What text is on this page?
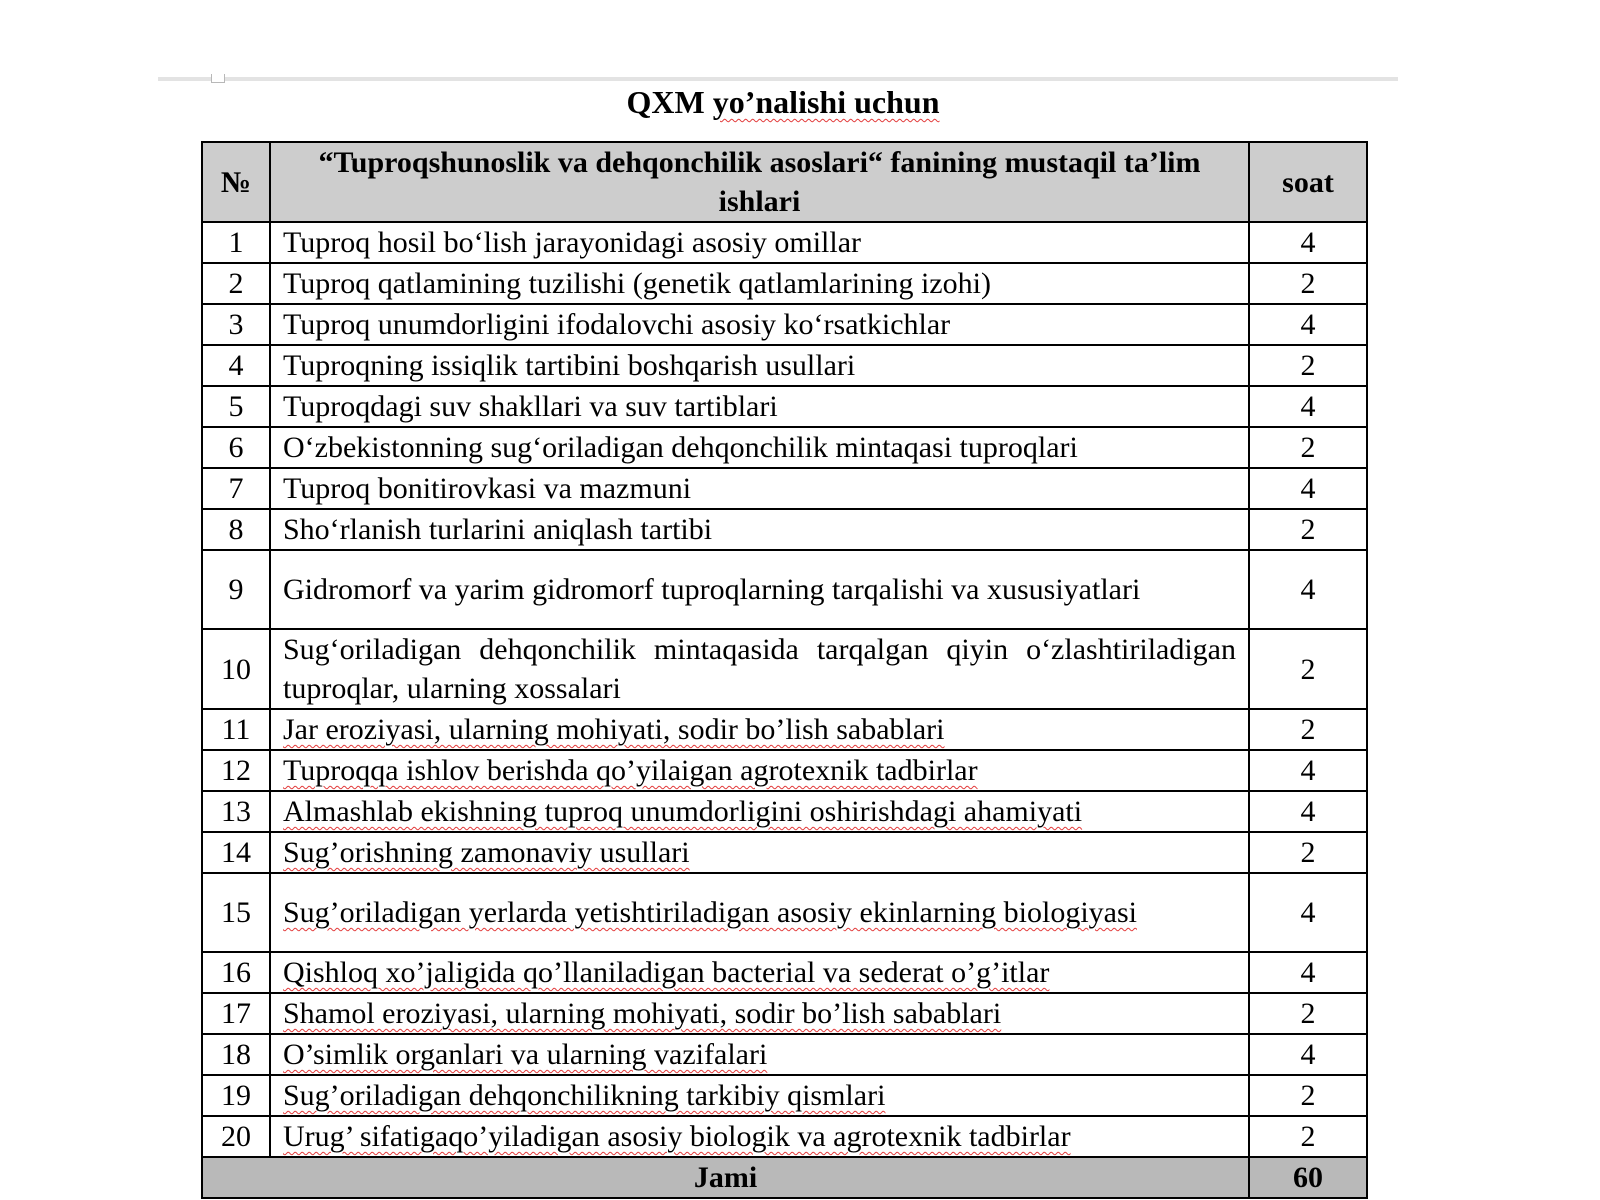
QXM yo’nalishi uchun
№	“Tuproqshunoslik va dehqonchilik asoslari“ fanining mustaqil ta’lim ishlari	soat
1	Tuproq hosil bo‘lish jarayonidagi asosiy omillar	4
2	Tuproq qatlamining tuzilishi (genetik qatlamlarining izohi)	2
3	Tuproq unumdorligini ifodalovchi asosiy ko‘rsatkichlar	4
4	Tuproqning issiqlik tartibini boshqarish usullari	2
5	Tuproqdagi suv shakllari va suv tartiblari	4
6	O‘zbekistonning sug‘oriladigan dehqonchilik mintaqasi tuproqlari	2
7	Tuproq bonitirovkasi va mazmuni	4
8	Sho‘rlanish turlarini aniqlash tartibi	2
9	Gidromorf va yarim gidromorf tuproqlarning tarqalishi va xususiyatlari	4
10	Sug‘oriladigan dehqonchilik mintaqasida tarqalgan qiyin o‘zlashtiriladigan tuproqlar, ularning xossalari	2
11	Jar eroziyasi, ularning mohiyati, sodir bo’lish sabablari	2
12	Tuproqqa ishlov berishda qo’yilaigan agrotexnik tadbirlar	4
13	Almashlab ekishning tuproq unumdorligini oshirishdagi ahamiyati	4
14	Sug’orishning zamonaviy usullari	2
15	Sug’oriladigan yerlarda yetishtiriladigan asosiy ekinlarning biologiyasi	4
16	Qishloq xo’jaligida qo’llaniladigan bacterial va sederat o’g’itlar	4
17	Shamol eroziyasi, ularning mohiyati, sodir bo’lish sabablari	2
18	O’simlik organlari va ularning vazifalari	4
19	Sug’oriladigan dehqonchilikning tarkibiy qismlari	2
20	Urug’ sifatigaqo’yiladigan asosiy biologik va agrotexnik tadbirlar	2
Jami		60
